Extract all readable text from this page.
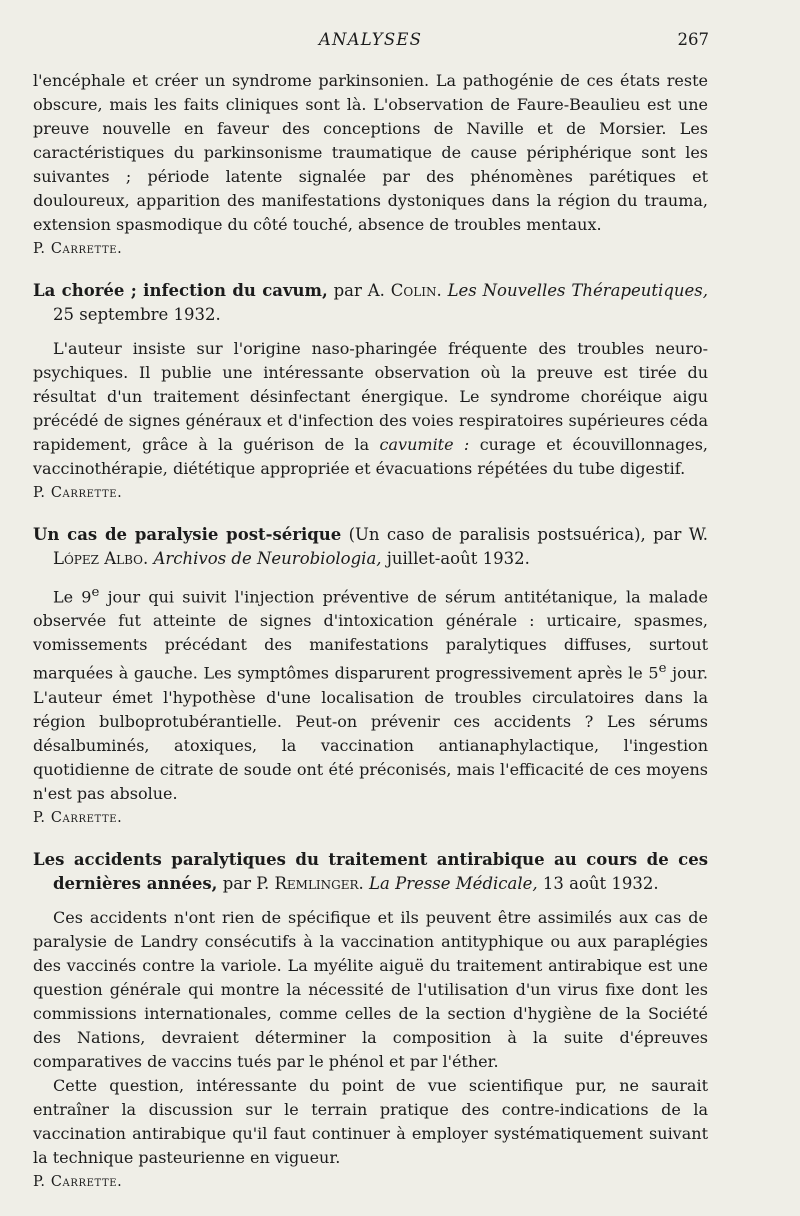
ANALYSES	267

l'encéphale et créer un syndrome parkinsonien. La pathogénie de ces états reste obscure, mais les faits cliniques sont là. L'observation de Faure-Beaulieu est une preuve nouvelle en faveur des conceptions de Naville et de Morsier. Les caractéristiques du parkinsonisme traumatique de cause périphérique sont les suivantes ; période latente signalée par des phénomènes parétiques et douloureux, apparition des manifestations dystoniques dans la région du trauma, extension spasmodique du côté touché, absence de troubles mentaux.

P. Carrette.

La chorée ; infection du cavum, par A. Colin. Les Nouvelles Thérapeutiques, 25 septembre 1932.

L'auteur insiste sur l'origine naso-pharingée fréquente des troubles neuro-psychiques. Il publie une intéressante observation où la preuve est tirée du résultat d'un traitement désinfectant énergique. Le syndrome choréique aigu précédé de signes généraux et d'infection des voies respiratoires supérieures céda rapidement, grâce à la guérison de la cavumite : curage et écouvillonnages, vaccinothérapie, diététique appropriée et évacuations répétées du tube digestif.

P. Carrette.

Un cas de paralysie post-sérique (Un caso de paralisis postsuérica), par W. López Albo. Archivos de Neurobiologia, juillet-août 1932.

Le 9e jour qui suivit l'injection préventive de sérum antitétanique, la malade observée fut atteinte de signes d'intoxication générale : urticaire, spasmes, vomissements précédant des manifestations paralytiques diffuses, surtout marquées à gauche. Les symptômes disparurent progressivement après le 5e jour. L'auteur émet l'hypothèse d'une localisation de troubles circulatoires dans la région bulboprotubérantielle. Peut-on prévenir ces accidents ? Les sérums désalbuminés, atoxiques, la vaccination antianaphylactique, l'ingestion quotidienne de citrate de soude ont été préconisés, mais l'efficacité de ces moyens n'est pas absolue.

P. Carrette.

Les accidents paralytiques du traitement antirabique au cours de ces dernières années, par P. Remlinger. La Presse Médicale, 13 août 1932.

Ces accidents n'ont rien de spécifique et ils peuvent être assimilés aux cas de paralysie de Landry consécutifs à la vaccination antityphique ou aux paraplégies des vaccinés contre la variole. La myélite aiguë du traitement antirabique est une question générale qui montre la nécessité de l'utilisation d'un virus fixe dont les commissions internationales, comme celles de la section d'hygiène de la Société des Nations, devraient déterminer la composition à la suite d'épreuves comparatives de vaccins tués par le phénol et par l'éther.

Cette question, intéressante du point de vue scientifique pur, ne saurait entraîner la discussion sur le terrain pratique des contre-indications de la vaccination antirabique qu'il faut continuer à employer systématiquement suivant la technique pasteurienne en vigueur.

P. Carrette.
